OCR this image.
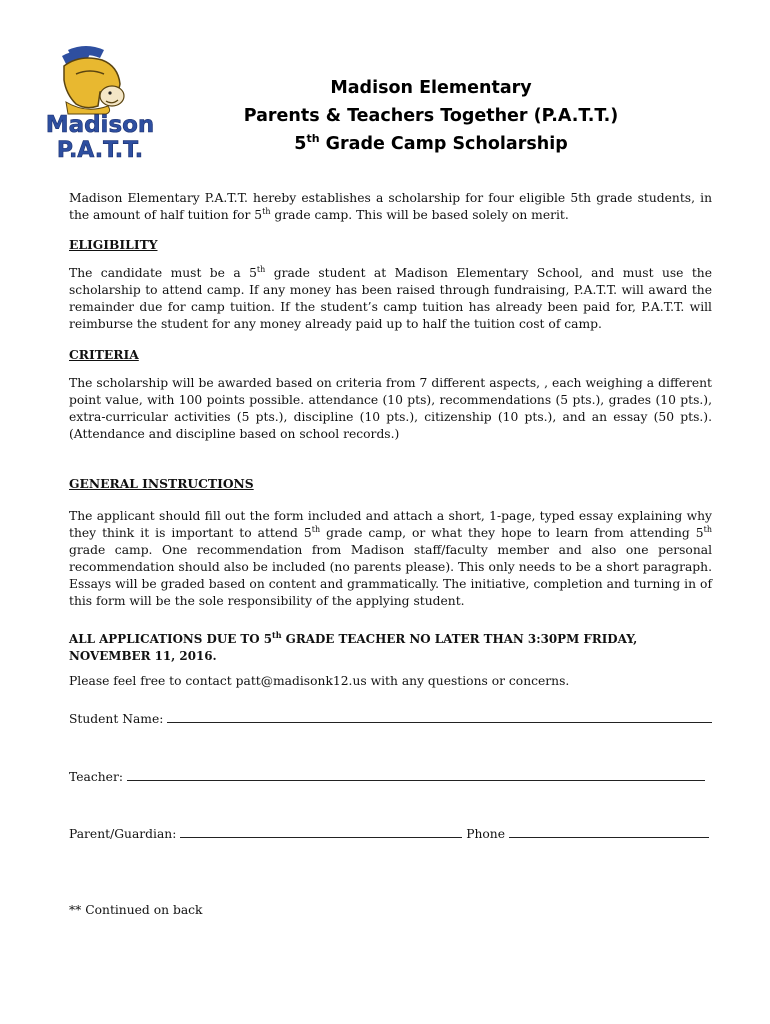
Madison
P.A.T.T.
Madison Elementary
Parents & Teachers Together (P.A.T.T.)
5th Grade Camp Scholarship
Madison Elementary P.A.T.T. hereby establishes a scholarship for four eligible 5th grade students, in the amount of half tuition for 5th grade camp. This will be based solely on merit.
ELIGIBILITY
The candidate must be a 5th grade student at Madison Elementary School, and must use the scholarship to attend camp. If any money has been raised through fundraising, P.A.T.T. will award the remainder due for camp tuition. If the student’s camp tuition has already been paid for, P.A.T.T. will reimburse the student for any money already paid up to half the tuition cost of camp.
CRITERIA
The scholarship will be awarded based on criteria from 7 different aspects, , each weighing a different point value, with 100 points possible. attendance (10 pts), recommendations (5 pts.), grades (10 pts.), extra-curricular activities (5 pts.), discipline (10 pts.), citizenship (10 pts.), and an essay (50 pts.). (Attendance and discipline based on school records.)
GENERAL INSTRUCTIONS
The applicant should fill out the form included and attach a short, 1-page, typed essay explaining why they think it is important to attend 5th grade camp, or what they hope to learn from attending 5th grade camp. One recommendation from Madison staff/faculty member and also one personal recommendation should also be included (no parents please). This only needs to be a short paragraph. Essays will be graded based on content and grammatically. The initiative, completion and turning in of this form will be the sole responsibility of the applying student.
ALL APPLICATIONS DUE TO 5th GRADE TEACHER NO LATER THAN 3:30PM FRIDAY, NOVEMBER 11, 2016.
Please feel free to contact patt@madisonk12.us with any questions or concerns.
Student Name:
Teacher:
Parent/Guardian:	Phone
** Continued on back
